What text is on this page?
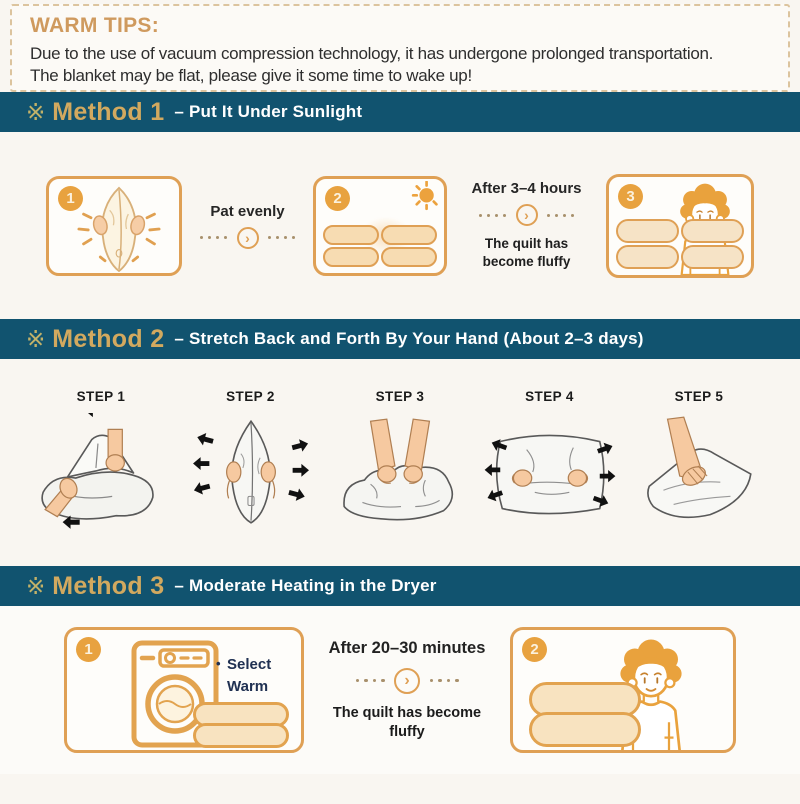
WARM TIPS:
Due to the use of vacuum compression technology, it has undergone prolonged transportation.
The blanket may be flat, please give it some time to wake up!
※ Method 1 – Put It Under Sunlight
1
Pat evenly
›
2
After 3–4 hours
›
The quilt has become fluffy
3
※ Method 2 – Stretch Back and Forth By Your Hand (About 2–3 days)
STEP 1	STEP 2	STEP 3	STEP 4	STEP 5
※ Method 3 – Moderate Heating in the Dryer
1
• Select
Warm
After 20–30 minutes
›
The quilt has become fluffy
2
